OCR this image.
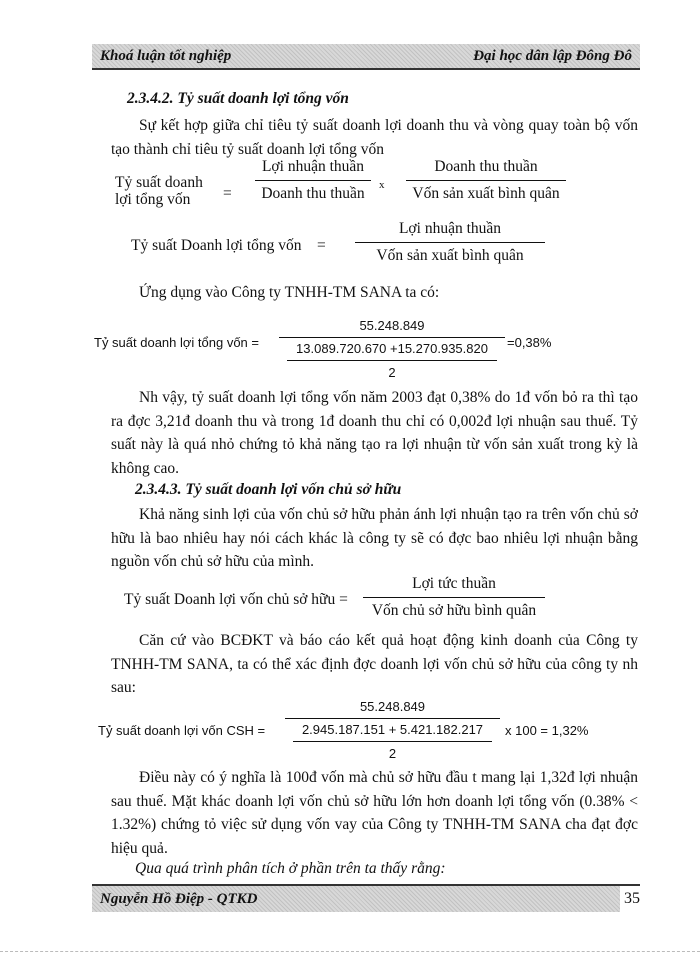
Khoá luận tốt nghiệp	Đại học dân lập Đông Đô
2.3.4.2. Tỷ suất doanh lợi tổng vốn
Sự kết hợp giữa chỉ tiêu tỷ suất doanh lợi doanh thu và vòng quay toàn bộ vốn tạo thành chỉ tiêu tỷ suất doanh lợi tổng vốn
Tỷ suất doanh
lợi tổng vốn	=
Lợi nhuận thuần
Doanh thu thuần	x
Doanh thu thuần
Vốn sản xuất bình quân
Tỷ suất Doanh lợi tổng vốn =
Lợi nhuận thuần
Vốn sản xuất bình quân
Ứng dụng vào Công ty TNHH-TM SANA ta có:
Tỷ suất doanh lợi tổng vốn = 55.248.849
13.089.720.670 +15.270.935.820
2 =0,38%
Nh vậy, tỷ suất doanh lợi tổng vốn năm 2003 đạt 0,38% do 1đ vốn bỏ ra thì tạo ra đợc 3,21đ doanh thu và trong 1đ doanh thu chỉ có 0,002đ lợi nhuận sau thuế. Tỷ suất này là quá nhỏ chứng tỏ khả năng tạo ra lợi nhuận từ vốn sản xuất trong kỳ là không cao.
2.3.4.3. Tỷ suất doanh lợi vốn chủ sở hữu
Khả năng sinh lợi của vốn chủ sở hữu phản ánh lợi nhuận tạo ra trên vốn chủ sở hữu là bao nhiêu hay nói cách khác là công ty sẽ có đợc bao nhiêu lợi nhuận bằng nguồn vốn chủ sở hữu của mình.
Tỷ suất Doanh lợi vốn chủ sở hữu =
Lợi tức thuần
Vốn chủ sở hữu bình quân
Căn cứ vào BCĐKT và báo cáo kết quả hoạt động kinh doanh của Công ty TNHH-TM SANA, ta có thể xác định đợc doanh lợi vốn chủ sở hữu của công ty nh sau:
Tỷ suất doanh lợi vốn CSH = 55.248.849
2.945.187.151 + 5.421.182.217
2 x 100 = 1,32%
Điều này có ý nghĩa là 100đ vốn mà chủ sở hữu đầu t mang lại 1,32đ lợi nhuận sau thuế. Mặt khác doanh lợi vốn chủ sở hữu lớn hơn doanh lợi tổng vốn (0.38% < 1.32%) chứng tỏ việc sử dụng vốn vay của Công ty TNHH-TM SANA cha đạt đợc hiệu quả.
Qua quá trình phân tích ở phần trên ta thấy rằng:
Nguyễn Hồ Điệp - QTKD	35
